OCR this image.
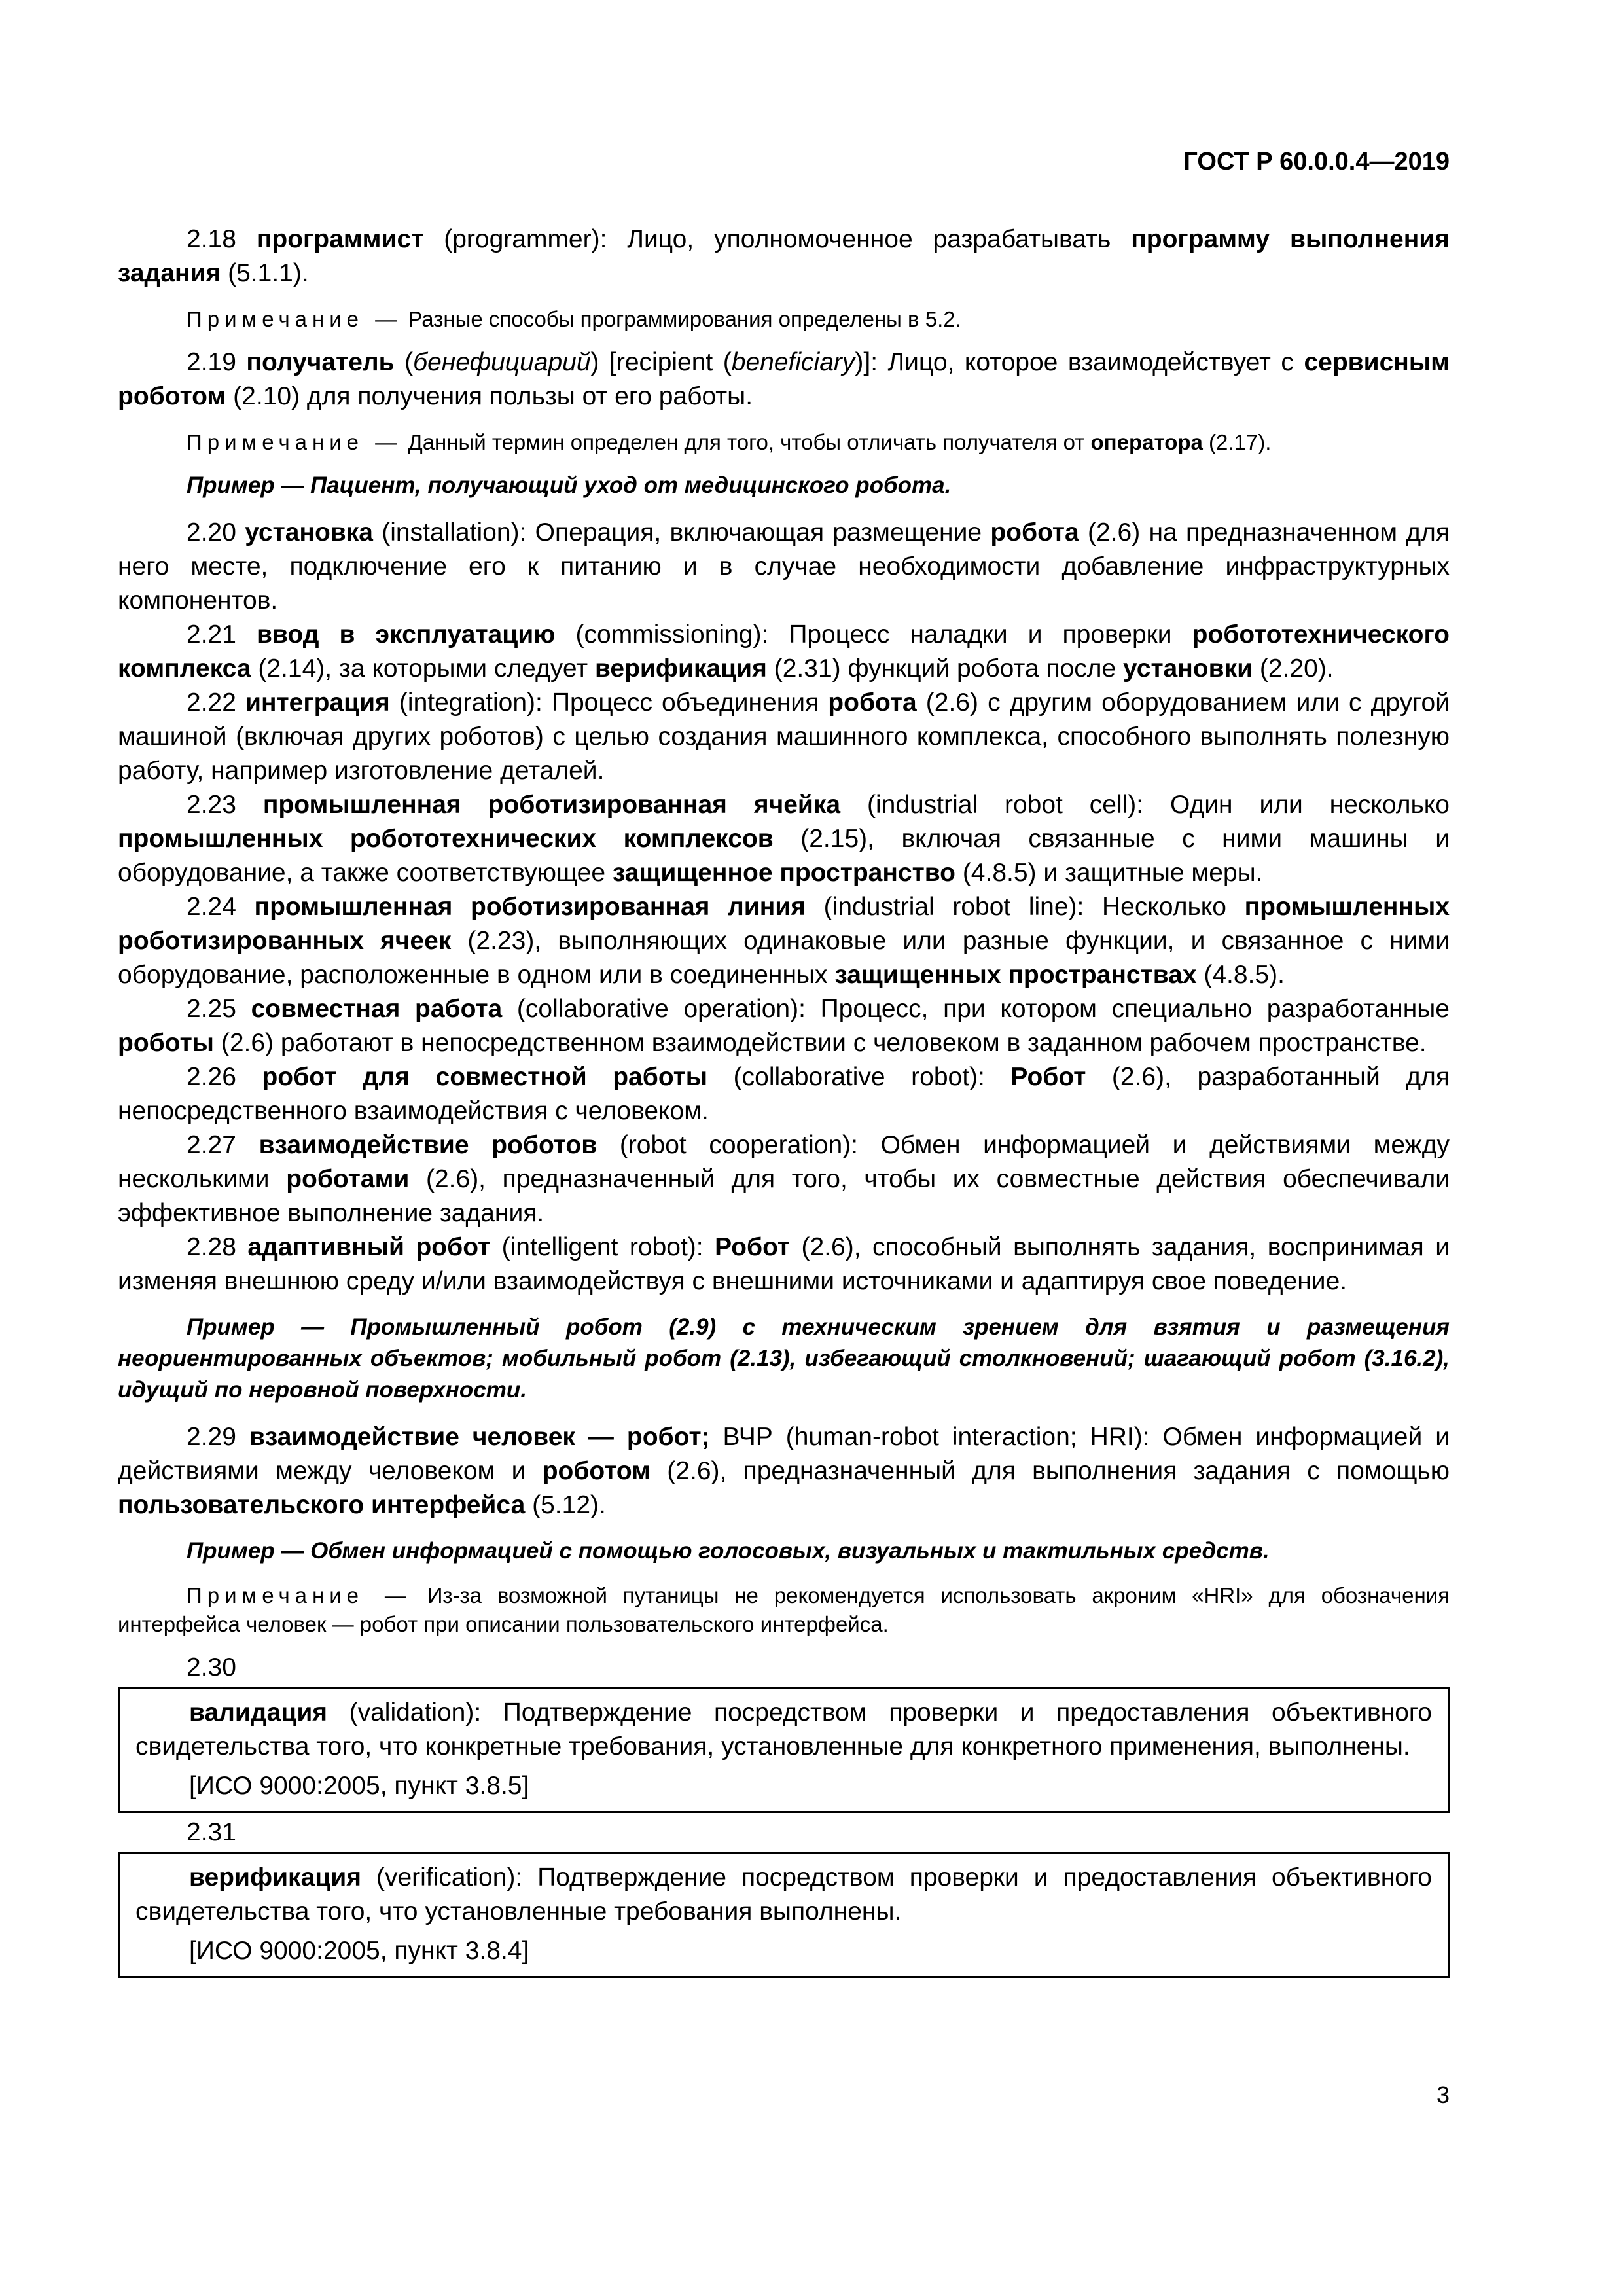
ГОСТ Р 60.0.0.4—2019

2.18 программист (programmer): Лицо, уполномоченное разрабатывать программу выполнения задания (5.1.1).

Примечание — Разные способы программирования определены в 5.2.

2.19 получатель (бенефициарий) [recipient (beneficiary)]: Лицо, которое взаимодействует с сервисным роботом (2.10) для получения пользы от его работы.

Примечание — Данный термин определен для того, чтобы отличать получателя от оператора (2.17).

Пример — Пациент, получающий уход от медицинского робота.

2.20 установка (installation): Операция, включающая размещение робота (2.6) на предназначенном для него месте, подключение его к питанию и в случае необходимости добавление инфраструктурных компонентов.

2.21 ввод в эксплуатацию (commissioning): Процесс наладки и проверки робототехнического комплекса (2.14), за которыми следует верификация (2.31) функций робота после установки (2.20).

2.22 интеграция (integration): Процесс объединения робота (2.6) с другим оборудованием или с другой машиной (включая других роботов) с целью создания машинного комплекса, способного выполнять полезную работу, например изготовление деталей.

2.23 промышленная роботизированная ячейка (industrial robot cell): Один или несколько промышленных робототехнических комплексов (2.15), включая связанные с ними машины и оборудование, а также соответствующее защищенное пространство (4.8.5) и защитные меры.

2.24 промышленная роботизированная линия (industrial robot line): Несколько промышленных роботизированных ячеек (2.23), выполняющих одинаковые или разные функции, и связанное с ними оборудование, расположенные в одном или в соединенных защищенных пространствах (4.8.5).

2.25 совместная работа (collaborative operation): Процесс, при котором специально разработанные роботы (2.6) работают в непосредственном взаимодействии с человеком в заданном рабочем пространстве.

2.26 робот для совместной работы (collaborative robot): Робот (2.6), разработанный для непосредственного взаимодействия с человеком.

2.27 взаимодействие роботов (robot cooperation): Обмен информацией и действиями между несколькими роботами (2.6), предназначенный для того, чтобы их совместные действия обеспечивали эффективное выполнение задания.

2.28 адаптивный робот (intelligent robot): Робот (2.6), способный выполнять задания, воспринимая и изменяя внешнюю среду и/или взаимодействуя с внешними источниками и адаптируя свое поведение.

Пример — Промышленный робот (2.9) с техническим зрением для взятия и размещения неориентированных объектов; мобильный робот (2.13), избегающий столкновений; шагающий робот (3.16.2), идущий по неровной поверхности.

2.29 взаимодействие человек — робот; ВЧР (human-robot interaction; HRI): Обмен информацией и действиями между человеком и роботом (2.6), предназначенный для выполнения задания с помощью пользовательского интерфейса (5.12).

Пример — Обмен информацией с помощью голосовых, визуальных и тактильных средств.

Примечание — Из-за возможной путаницы не рекомендуется использовать акроним «HRI» для обозначения интерфейса человек — робот при описании пользовательского интерфейса.

2.30

валидация (validation): Подтверждение посредством проверки и предоставления объективного свидетельства того, что конкретные требования, установленные для конкретного применения, выполнены.

[ИСО 9000:2005, пункт 3.8.5]

2.31

верификация (verification): Подтверждение посредством проверки и предоставления объективного свидетельства того, что установленные требования выполнены.

[ИСО 9000:2005, пункт 3.8.4]

3
